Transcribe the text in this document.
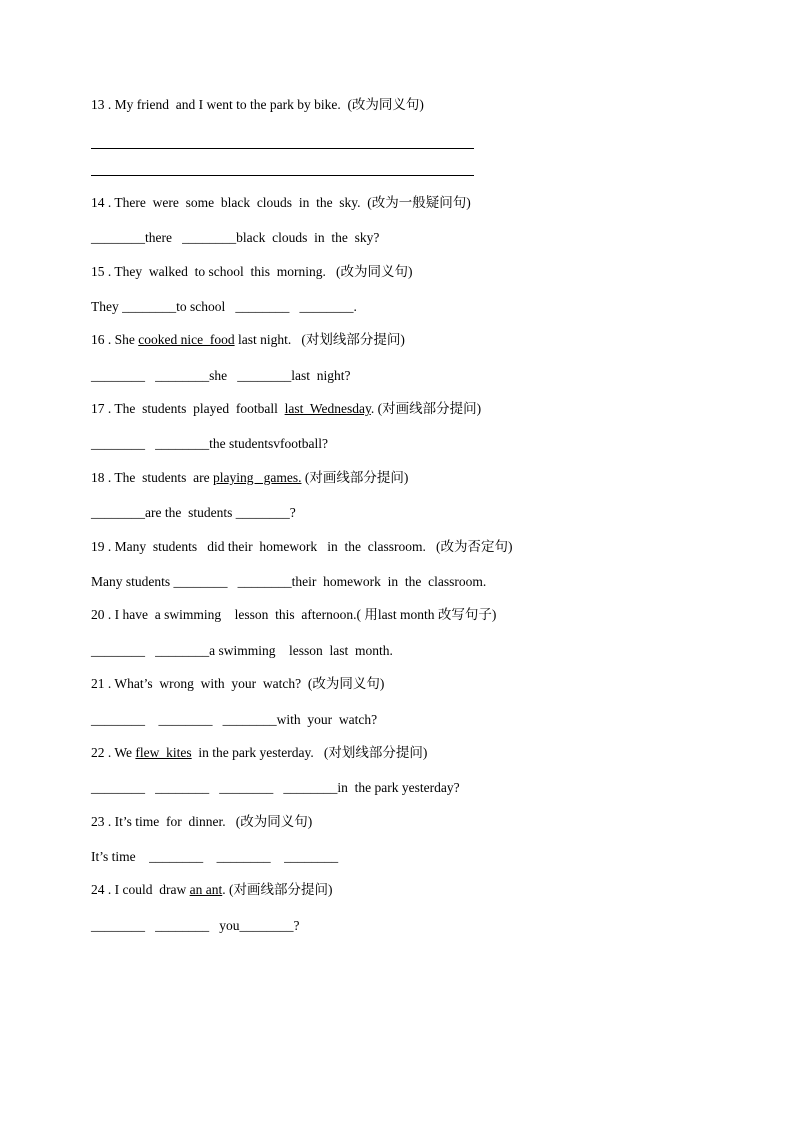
13 . My friend  and I went to the park by bike.  (改为同义句)
14 . There  were  some  black  clouds  in  the  sky.  (改为一般疑问句)
________there   ________black  clouds  in  the  sky?
15 . They  walked  to school  this  morning.   (改为同义句)
They ________to school   ________   ________.
16 . She cooked nice  food last night.   (对划线部分提问)
________   ________she   ________last  night?
17 . The  students  played  football  last  Wednesday. (对画线部分提问)
________   ________the studentsvfootball?
18 . The  students  are playing   games. (对画线部分提问)
________are the  students ________?
19 . Many  students   did their  homework   in  the  classroom.   (改为否定句)
Many students ________   ________their  homework  in  the  classroom.
20 . I have  a swimming    lesson  this  afternoon.( 用last month 改写句子)
________   ________a swimming    lesson  last  month.
21 . What’s  wrong  with  your  watch?  (改为同义句)
________    ________   ________with  your  watch?
22 . We flew  kites  in the park yesterday.   (对划线部分提问)
________   ________   ________   ________in  the park yesterday?
23 . It’s time  for  dinner.   (改为同义句)
It’s time    ________    ________    ________
24 . I could  draw an ant. (对画线部分提问)
________   ________   you________?
